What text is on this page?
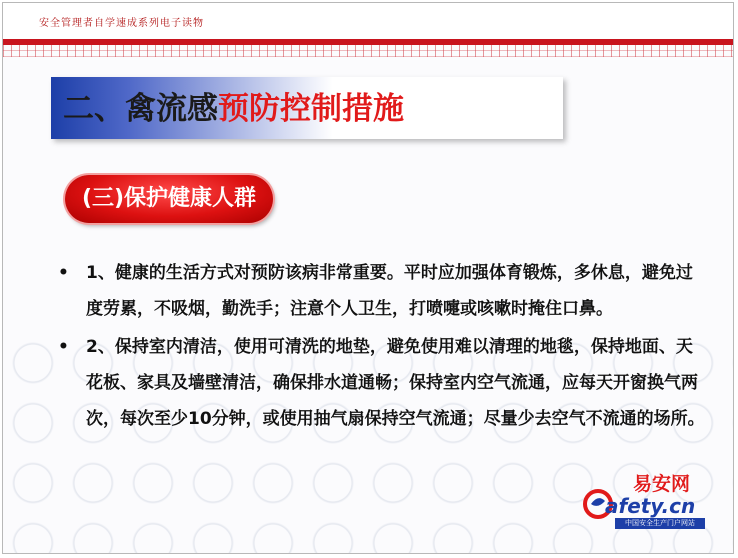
安全管理者自学速成系列电子读物
二、禽流感预防控制措施
(三)保护健康人群
•	1、健康的生活方式对预防该病非常重要。平时应加强体育锻炼，多休息，避免过度劳累，不吸烟，勤洗手；注意个人卫生，打喷嚏或咳嗽时掩住口鼻。
•	2、保持室内清洁，使用可清洗的地垫，避免使用难以清理的地毯，保持地面、天花板、家具及墙壁清洁，确保排水道通畅；保持室内空气流通，应每天开窗换气两次，每次至少10分钟，或使用抽气扇保持空气流通；尽量少去空气不流通的场所。
易安网
afety.cn
中国安全生产门户网站
